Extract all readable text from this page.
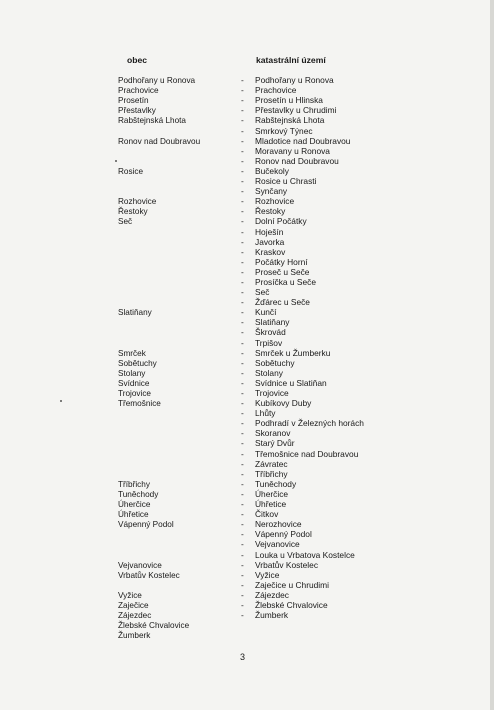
obec	katastrální území
Podhořany u Ronova
Prachovice
Prosetín
Přestavlky
Rabštejnská Lhota
Ronov nad Doubravou
Rosice
Rozhovice
Řestoky
Seč
Slatiňany
Smrček
Sobětuchy
Stolany
Svídnice
Trojovice
Třemošnice
Tříbřichy
Tuněchody
Úherčice
Úhřetice
Vápenný Podol
Vejvanovice
Vrbatův Kostelec
Vyžice
Zaječice
Zájezdec
Žlebské Chvalovice
Žumberk
- Podhořany u Ronova
- Prachovice
- Prosetín u Hlinska
- Přestavlky u Chrudimi
- Rabštejnská Lhota
- Smrkový Týnec
- Mladotice nad Doubravou
- Moravany u Ronova
- Ronov nad Doubravou
- Bučekoly
- Rosice u Chrasti
- Synčany
- Rozhovice
- Řestoky
- Dolní Počátky
- Hoješín
- Javorka
- Kraskov
- Počátky Horní
- Proseč u Seče
- Prosíčka u Seče
- Seč
- Žďárec u Seče
- Kunčí
- Slatiňany
- Škrovád
- Trpišov
- Smrček u Žumberku
- Sobětuchy
- Stolany
- Svídnice u Slatiňan
- Trojovice
- Kubíkovy Duby
- Lhůty
- Podhradí v Železných horách
- Skoranov
- Starý Dvůr
- Třemošnice nad Doubravou
- Závratec
- Tříbřichy
- Tuněchody
- Úherčice
- Úhřetice
- Čitkov
- Nerozhovice
- Vápenný Podol
- Vejvanovice
- Louka u Vrbatova Kostelce
- Vrbatův Kostelec
- Vyžice
- Zaječice u Chrudimi
- Zájezdec
- Žlebské Chvalovice
- Žumberk
3
